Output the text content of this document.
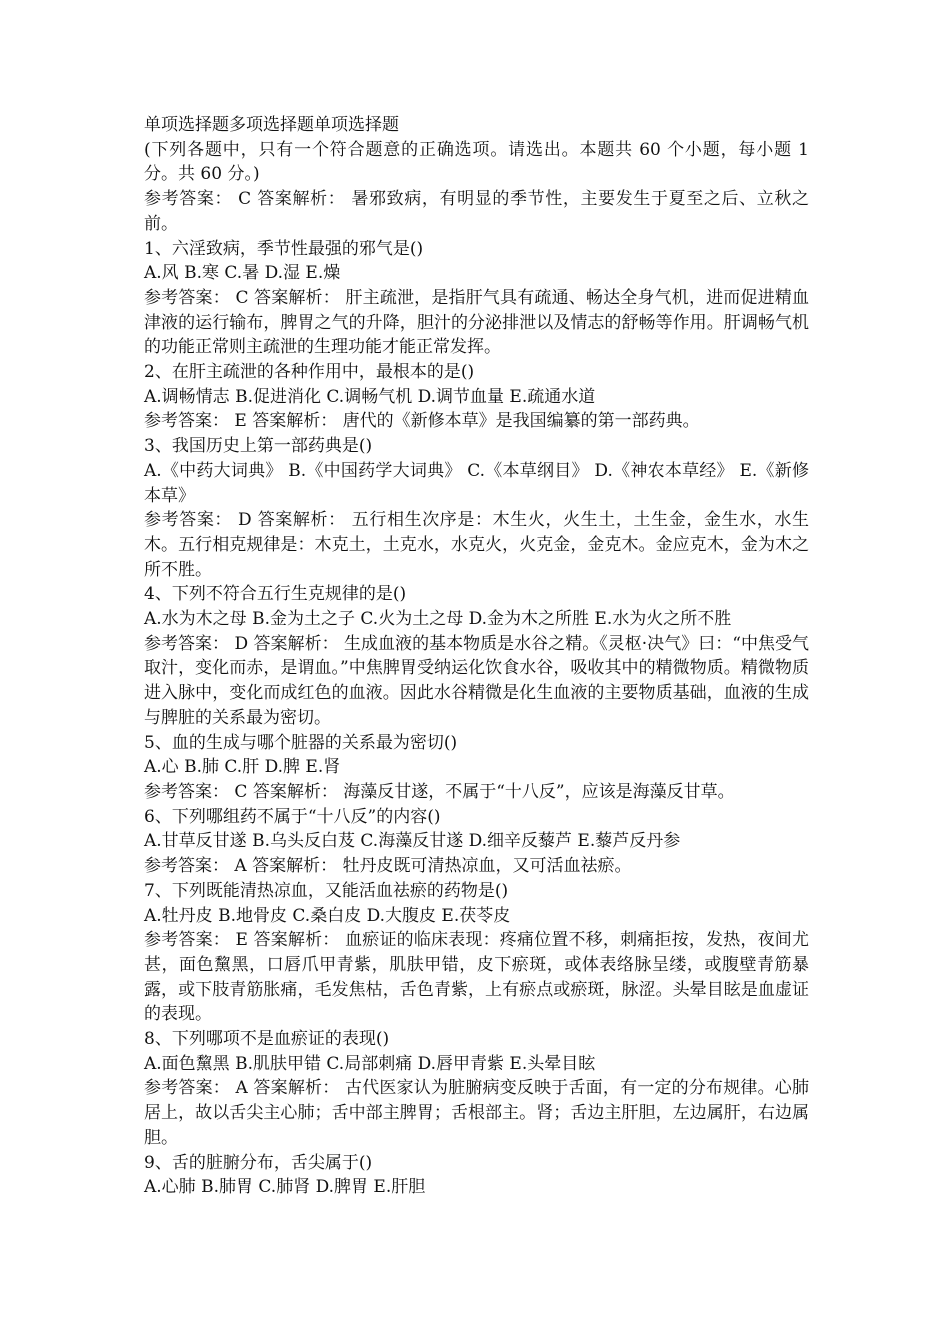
单项选择题多项选择题单项选择题

(下列各题中，只有一个符合题意的正确选项。请选出。本题共 60 个小题，每小题 1 分。共 60 分。)

参考答案： C 答案解析： 暑邪致病，有明显的季节性，主要发生于夏至之后、立秋之前。

1、六淫致病，季节性最强的邪气是()

A.风 B.寒 C.暑 D.湿 E.燥

参考答案： C 答案解析： 肝主疏泄，是指肝气具有疏通、畅达全身气机，进而促进精血津液的运行输布，脾胃之气的升降，胆汁的分泌排泄以及情志的舒畅等作用。肝调畅气机的功能正常则主疏泄的生理功能才能正常发挥。

2、在肝主疏泄的各种作用中，最根本的是()

A.调畅情志 B.促进消化 C.调畅气机 D.调节血量 E.疏通水道

参考答案： E 答案解析： 唐代的《新修本草》是我国编纂的第一部药典。

3、我国历史上第一部药典是()

A.《中药大词典》 B.《中国药学大词典》 C.《本草纲目》 D.《神农本草经》 E.《新修本草》

参考答案： D 答案解析： 五行相生次序是：木生火，火生土，土生金，金生水，水生木。五行相克规律是：木克土，土克水，水克火，火克金，金克木。金应克木，金为木之所不胜。

4、下列不符合五行生克规律的是()

A.水为木之母 B.金为土之子 C.火为土之母 D.金为木之所胜 E.水为火之所不胜

参考答案： D 答案解析： 生成血液的基本物质是水谷之精。《灵枢·决气》曰：“中焦受气取汁，变化而赤，是谓血。”中焦脾胃受纳运化饮食水谷，吸收其中的精微物质。精微物质进入脉中，变化而成红色的血液。因此水谷精微是化生血液的主要物质基础，血液的生成与脾脏的关系最为密切。

5、血的生成与哪个脏器的关系最为密切()

A.心 B.肺 C.肝 D.脾 E.肾

参考答案： C 答案解析： 海藻反甘遂，不属于“十八反”，应该是海藻反甘草。

6、下列哪组药不属于“十八反”的内容()

A.甘草反甘遂 B.乌头反白芨 C.海藻反甘遂 D.细辛反藜芦 E.藜芦反丹参

参考答案： A 答案解析： 牡丹皮既可清热凉血，又可活血祛瘀。

7、下列既能清热凉血，又能活血祛瘀的药物是()

A.牡丹皮 B.地骨皮 C.桑白皮 D.大腹皮 E.茯苓皮

参考答案： E 答案解析： 血瘀证的临床表现：疼痛位置不移，刺痛拒按，发热，夜间尤甚，面色黧黑，口唇爪甲青紫，肌肤甲错，皮下瘀斑，或体表络脉呈缕，或腹壁青筋暴露，或下肢青筋胀痛，毛发焦枯，舌色青紫，上有瘀点或瘀斑，脉涩。头晕目眩是血虚证的表现。

8、下列哪项不是血瘀证的表现()

A.面色黧黑 B.肌肤甲错 C.局部刺痛 D.唇甲青紫 E.头晕目眩

参考答案： A 答案解析： 古代医家认为脏腑病变反映于舌面，有一定的分布规律。心肺居上，故以舌尖主心肺；舌中部主脾胃；舌根部主。肾；舌边主肝胆，左边属肝，右边属胆。

9、舌的脏腑分布，舌尖属于()

A.心肺 B.肺胃 C.肺肾 D.脾胃 E.肝胆
